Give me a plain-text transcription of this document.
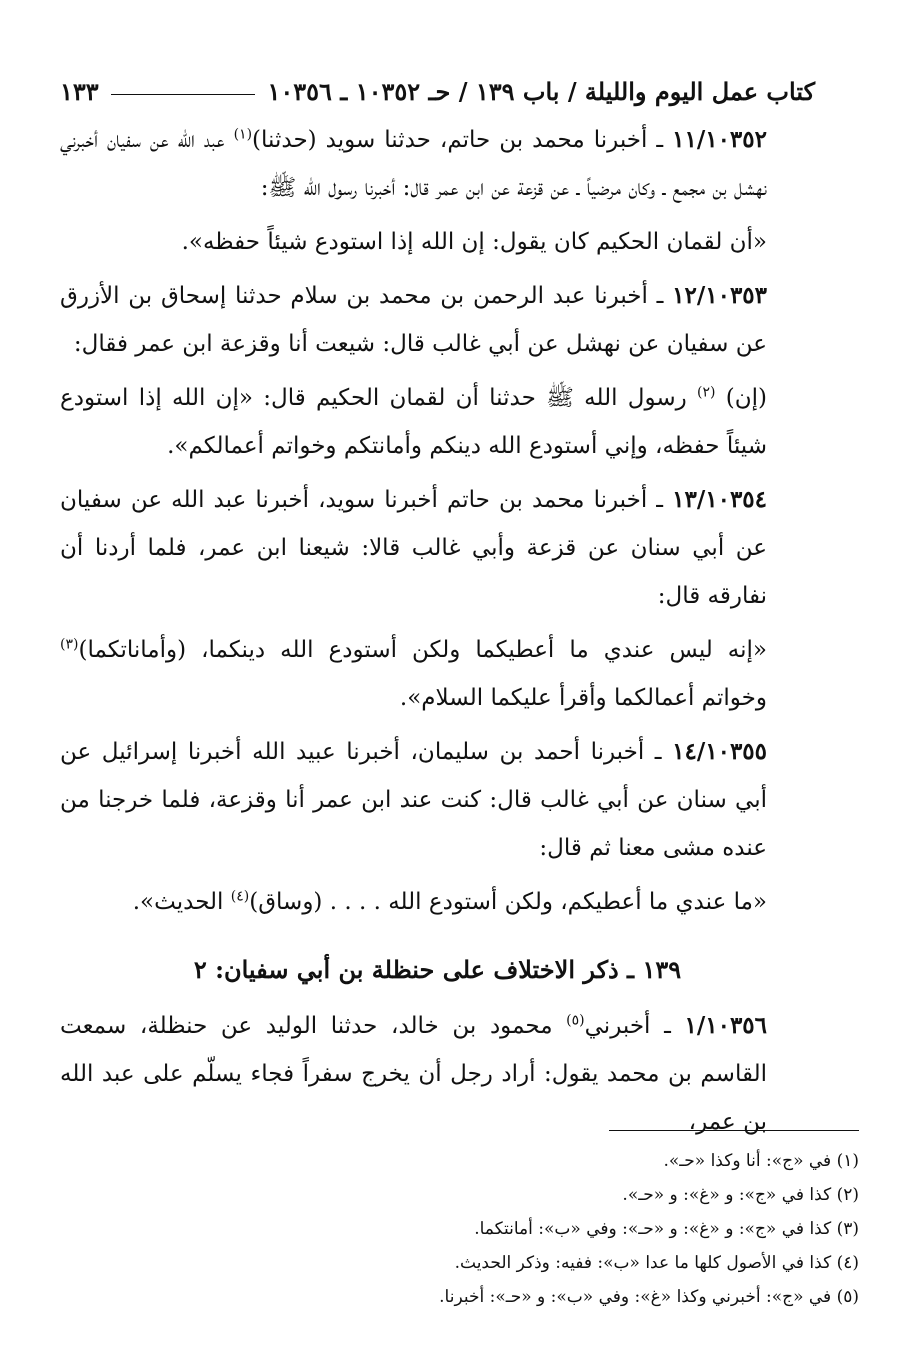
كتاب عمل اليوم والليلة / باب ١٣٩ / حـ ١٠٣٥٢ ـ ١٠٣٥٦
١٣٣

١١/١٠٣٥٢ ـ أخبرنا محمد بن حاتم، حدثنا سويد (حدثنا)$^{(١)}$ عبد الله عن سفيان أخبرني نهشل بن مجمع ـ وكان مرضياً ـ عن قزعة عن ابن عمر قال: أخبرنا رسول الله ﷺ:

«أن لقمان الحكيم كان يقول: إن الله إذا استودع شيئاً حفظه».

١٢/١٠٣٥٣ ـ أخبرنا عبد الرحمن بن محمد بن سلام حدثنا إسحاق بن الأزرق عن سفيان عن نهشل عن أبي غالب قال: شيعت أنا وقزعة ابن عمر فقال:

(إن) $^{(٢)}$ رسول الله ﷺ حدثنا أن لقمان الحكيم قال: «إن الله إذا استودع شيئاً حفظه، وإني أستودع الله دينكم وأمانتكم وخواتم أعمالكم».

١٣/١٠٣٥٤ ـ أخبرنا محمد بن حاتم أخبرنا سويد، أخبرنا عبد الله عن سفيان عن أبي سنان عن قزعة وأبي غالب قالا: شيعنا ابن عمر، فلما أردنا أن نفارقه قال:

«إنه ليس عندي ما أعطيكما ولكن أستودع الله دينكما، (وأماناتكما)$^{(٣)}$ وخواتم أعمالكما وأقرأ عليكما السلام».

١٤/١٠٣٥٥ ـ أخبرنا أحمد بن سليمان، أخبرنا عبيد الله أخبرنا إسرائيل عن أبي سنان عن أبي غالب قال: كنت عند ابن عمر أنا وقزعة، فلما خرجنا من عنده مشى معنا ثم قال:

«ما عندي ما أعطيكم، ولكن أستودع الله . . . . (وساق)$^{(٤)}$ الحديث».

١٣٩ ـ ذكر الاختلاف على حنظلة بن أبي سفيان: ٢

١/١٠٣٥٦ ـ أخبرني$^{(٥)}$ محمود بن خالد، حدثنا الوليد عن حنظلة، سمعت القاسم بن محمد يقول: أراد رجل أن يخرج سفراً فجاء يسلّم على عبد الله بن عمر،

(١) في «ج»: أنا وكذا «حـ».
(٢) كذا في «ج»: و «غ»: و «حـ».
(٣) كذا في «ج»: و «غ»: و «حـ»: وفي «ب»: أمانتكما.
(٤) كذا في الأصول كلها ما عدا «ب»: ففيه: وذكر الحديث.
(٥) في «ج»: أخبرني وكذا «غ»: وفي «ب»: و «حـ»: أخبرنا.
